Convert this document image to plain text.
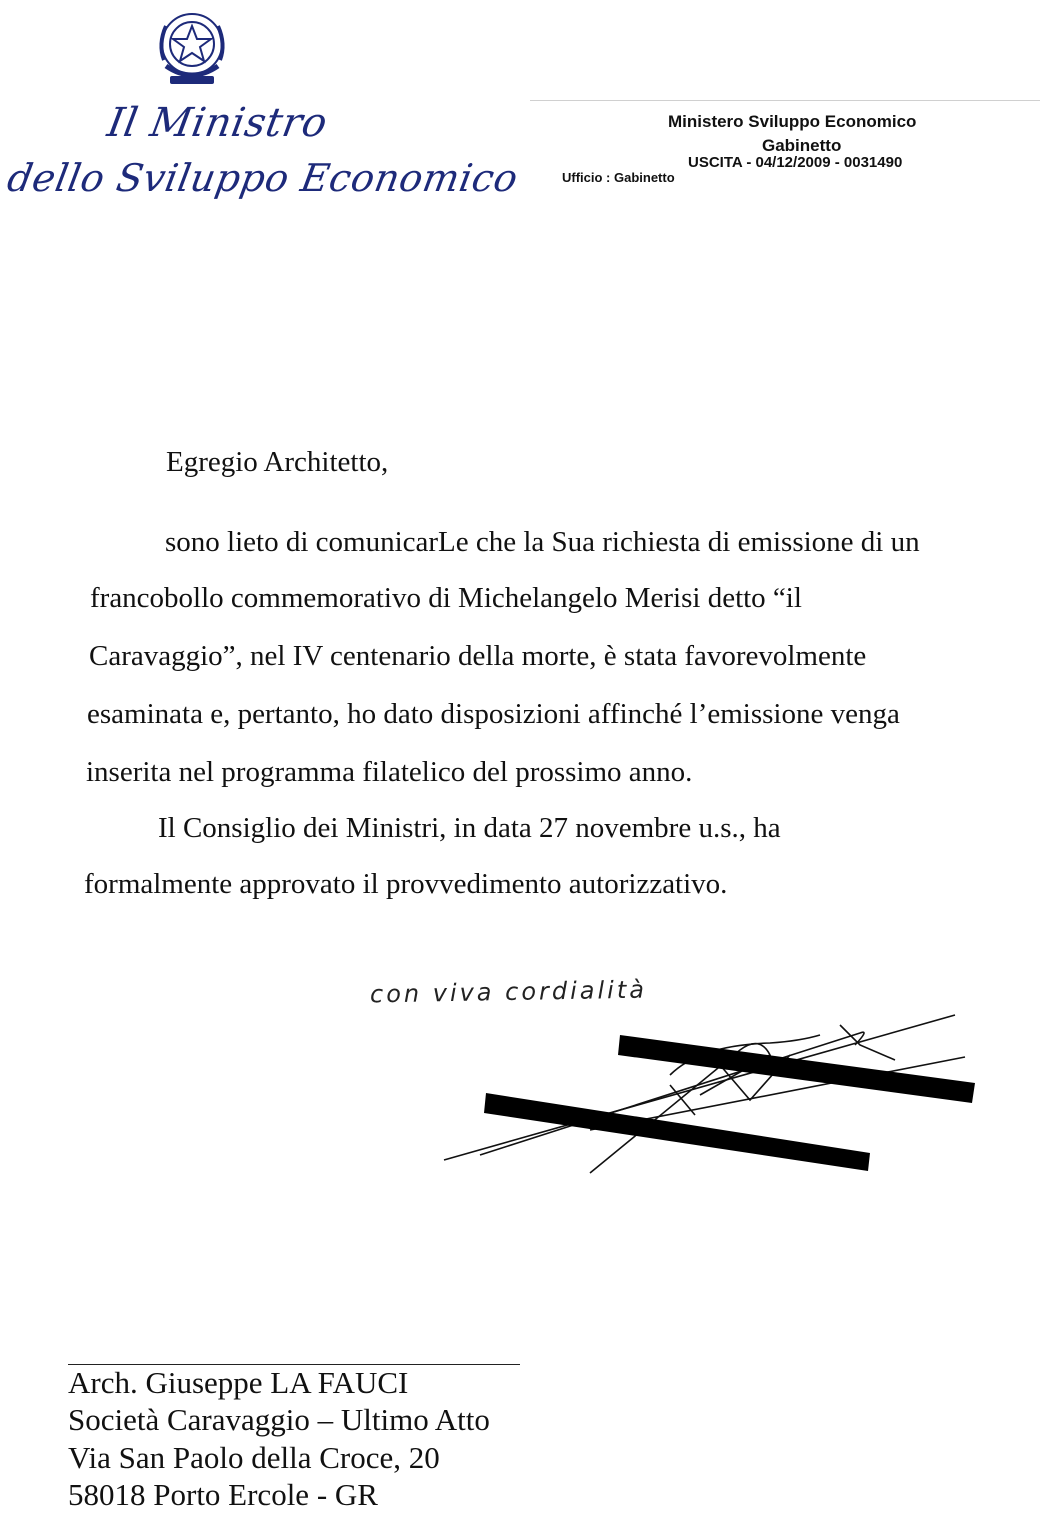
Il Ministro
dello Sviluppo Economico
Ministero Sviluppo Economico
Gabinetto
USCITA - 04/12/2009 - 0031490
Ufficio : Gabinetto
Egregio Architetto,
sono lieto di comunicarLe che la Sua richiesta di emissione di un
francobollo commemorativo di Michelangelo Merisi detto “il
Caravaggio”, nel IV centenario della morte, è stata favorevolmente
esaminata e, pertanto, ho dato disposizioni affinché l’emissione venga
inserita nel programma filatelico del prossimo anno.
Il Consiglio dei Ministri, in data 27 novembre u.s., ha
formalmente approvato il provvedimento autorizzativo.
con viva cordialità
Arch. Giuseppe LA FAUCI
Società Caravaggio – Ultimo Atto
Via San Paolo della Croce, 20
58018 Porto Ercole - GR
